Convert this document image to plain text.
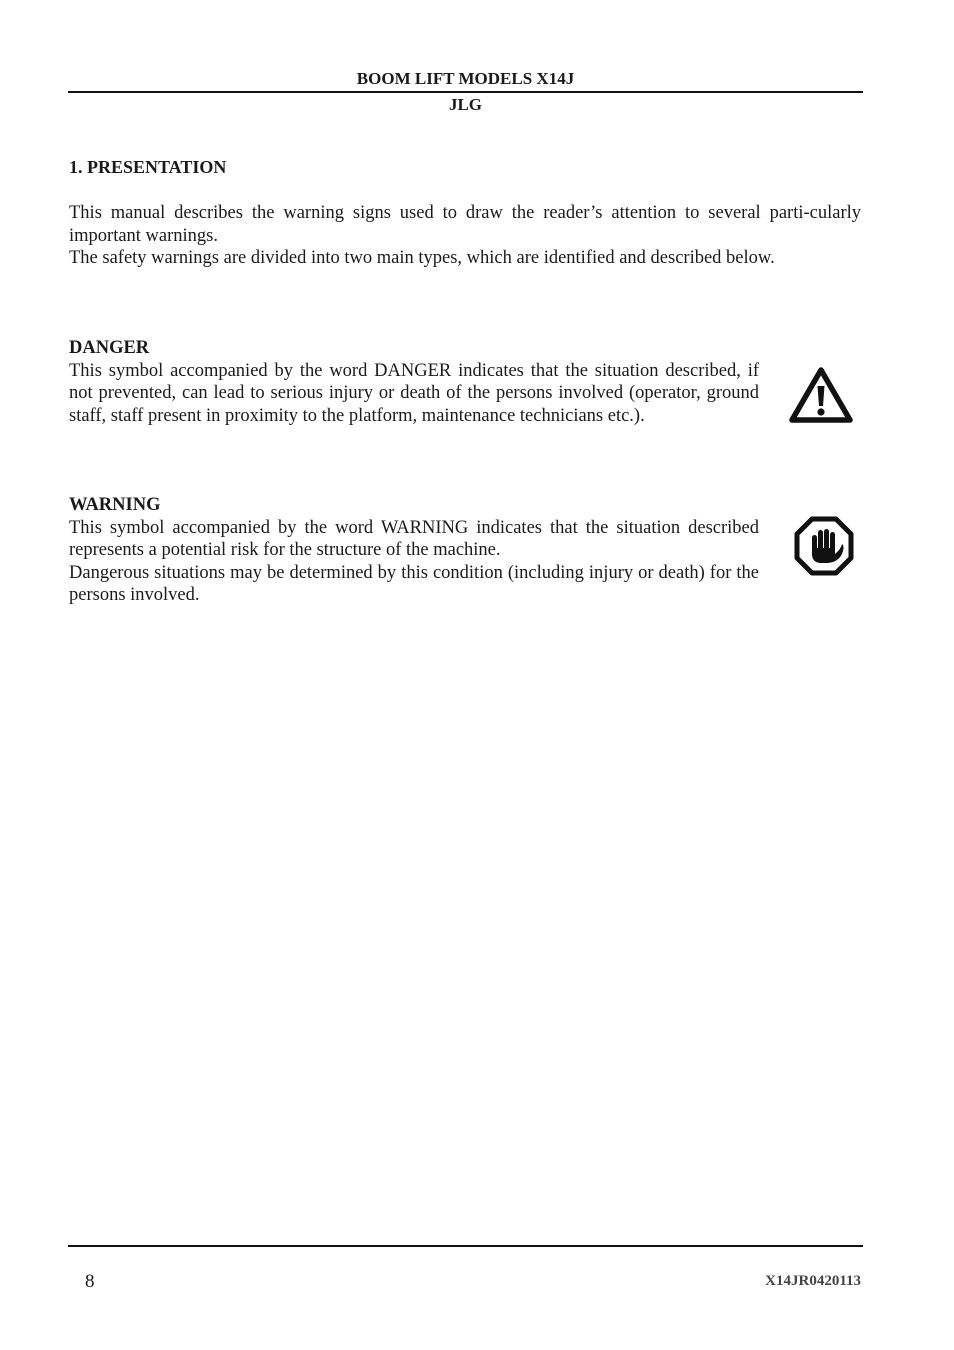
BOOM LIFT MODELS X14J
JLG
1. PRESENTATION

This manual describes the warning signs used to draw the reader’s attention to several parti-cularly important warnings.

The safety warnings are divided into two main types, which are identified and described below.

DANGER

This symbol accompanied by the word DANGER indicates that the situation described, if not prevented, can lead to serious injury or death of the persons involved (operator, ground staff, staff present in proximity to the platform, maintenance technicians etc.).

WARNING

This symbol accompanied by the word WARNING indicates that the situation described represents a potential risk for the structure of the machine.

Dangerous situations may be determined by this condition (including injury or death) for the persons involved.

8	X14JR0420113
